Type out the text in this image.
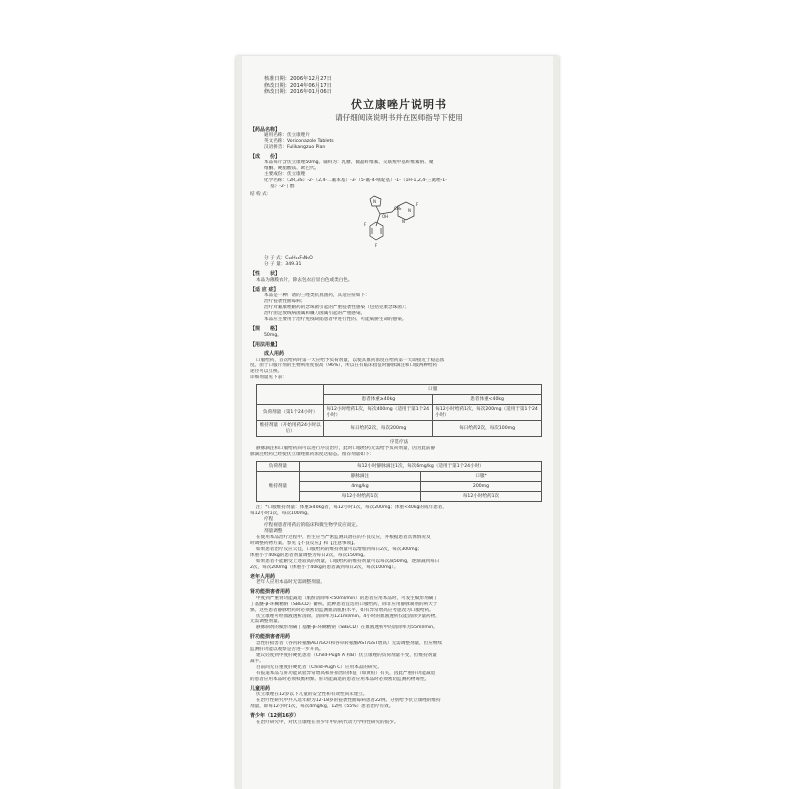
核准日期：2006年12月27日
修改日期：2014年06月17日
修改日期：2016年01月06日
伏立康唑片说明书
请仔细阅读说明书并在医师指导下使用
【药品名称】
通用名称：伏立康唑片
英文名称：Voriconazole Tablets
汉语拼音：Fulikangzuo Pian
【成　　份】
本品每片含伏立康唑50mg。辅料为：乳糖、微晶纤维素、交联羧甲基纤维素钠、聚
维酮、硬脂酸镁、欧巴代。
主要成份：伏立康唑
化学名称：（2R,3S）-2-（2,4-二氟苯基）-3-（5-氟-4-嘧啶基）-1-（1H-1,2,4-三氮唑-1-
基）-2-丁醇
结 构 式：
N
CH₃
OH
N
N
F
F
F
分 子 式：C₁₆H₁₄F₃N₅O
分 子 量：349.31
【性　　状】
本品为薄膜衣片，除去包衣后显白色或类白色。
【适 应 症】
本品是一种广谱的三唑类抗真菌药，其适应症如下：
治疗侵袭性曲霉病；
治疗对氟康唑耐药的念珠菌引起的严重侵袭性感染（包括克柔念珠菌）；
治疗由足放线病菌属和镰刀菌属引起的严重感染。
本品应主要用于治疗免疫缺陷患者中进行性的、可能威胁生命的感染。
【规　　格】
50mg。
【用法用量】
成人用药
口服给药，首次给药时第一天应给予负荷剂量，以使其血药浓度在给药第一天即接近于稳态浓
度。由于口服片剂的生物利用度很高（96%），所以在有临床指征时静脉滴注和口服两种给药
途径可以互换。
详细剂量见下表：
	口服	
	患者体重≥40kg	患者体重<40kg
负荷剂量（第1个24小时）	每12小时给药1次，每次400mg（适用于第1个24小时）	每12小时给药1次，每次200mg（适用于第1个24小时）
维持剂量（开始用药24小时以后）	每日给药2次，每次200mg	每日给药2次，每次100mg
序贯疗法
静脉滴注和口服给药尚可以进行序贯治疗，此时口服给药无需给予负荷剂量，因为此前静
脉滴注给药已经使伏立康唑血药浓度达稳态。推荐剂量如下：
负荷剂量	每12小时静脉滴注1次，每次6mg/kg（适用于第1个24小时）	
维持剂量	静脉滴注	口服*
	4mg/kg	200mg
	每12小时给药1次	每12小时给药1次
注：*口服维持剂量：体重≥40kg者，每12小时1次，每次200mg；体重<40kg的成年患者，
每12小时1次，每次100mg。
疗程
疗程视患者用药后的临床和微生物学反应而定。
剂量调整
在使用本品治疗过程中，医生应当严密监测其潜在的不良反应，并根据患者具体情况及
时调整药物方案。参见【不良反应】和【注意事项】。
如果患者治疗反应欠佳，口服给药的维持剂量可以增加到每日2次，每次300mg；
体重小于40kg的患者剂量调整为每日2次，每次150mg。
如果患者不能耐受上述较高的剂量，口服给药的维持剂量可以每次减50mg，逐渐减到每日
2次，每次200mg（体重小于40kg的患者减到每日2次，每次100mg）。
老年人用药
老年人应用本品时无需调整剂量。
肾功能损害者用药
中度到严重肾功能减退（肌酐清除率<50ml/min）的患者应用本品时，可发生赋形剂磺丁
丁基醚-β-环糊精钠（SBECD）蓄积。此种患者宜选用口服给药，除非应用静脉制剂的利大于
弊。这些患者静脉给药时必须密切监测血清肌酐水平，如有异常增高应考虑改为口服给药。
伏立康唑可经血液透析清除，清除率为121ml/min。4小时的血液透析仅能清除少量药物，
无需调整剂量。
静脉制剂的赋形剂磺丁基醚-β-环糊精钠（SBECD）在血液透析中的清除率为55ml/min。
肝功能损害者用药
急性肝损害者（谷丙转氨酶ALT/GOT和谷草转氨酶AST/GST增高）无需调整剂量，但应继续
监测肝功能以观察是否进一步升高。
建议轻度到中度肝硬化患者（Child-Pugh A 和B）伏立康唑的负荷剂量不变，但维持剂量
减半。
目前尚无在重度肝硬化者（Child-Pugh C）应用本品的研究。
有报道本品与肝功能试验异常增高和肝损害的体征（如黄疸）有关，因此严重肝功能减退
的患者应用本品时必须权衡利弊。肝功能减退的患者应用本品时必须密切监测药物毒性。
儿童用药
伏立康唑在12岁以下儿童的安全性和有效性尚未建立。
在治疗性研究中共入选年龄为12-18岁的侵袭性曲霉病患者22例。分别给予伏立康唑的维持
剂量，即每12小时1次，每次4mg/kg，12例（55%）患者治疗有效。
青少年（12到16岁）
在治疗研究中，对伏立康唑在青少年中的药代动力学特性研究的很少。
